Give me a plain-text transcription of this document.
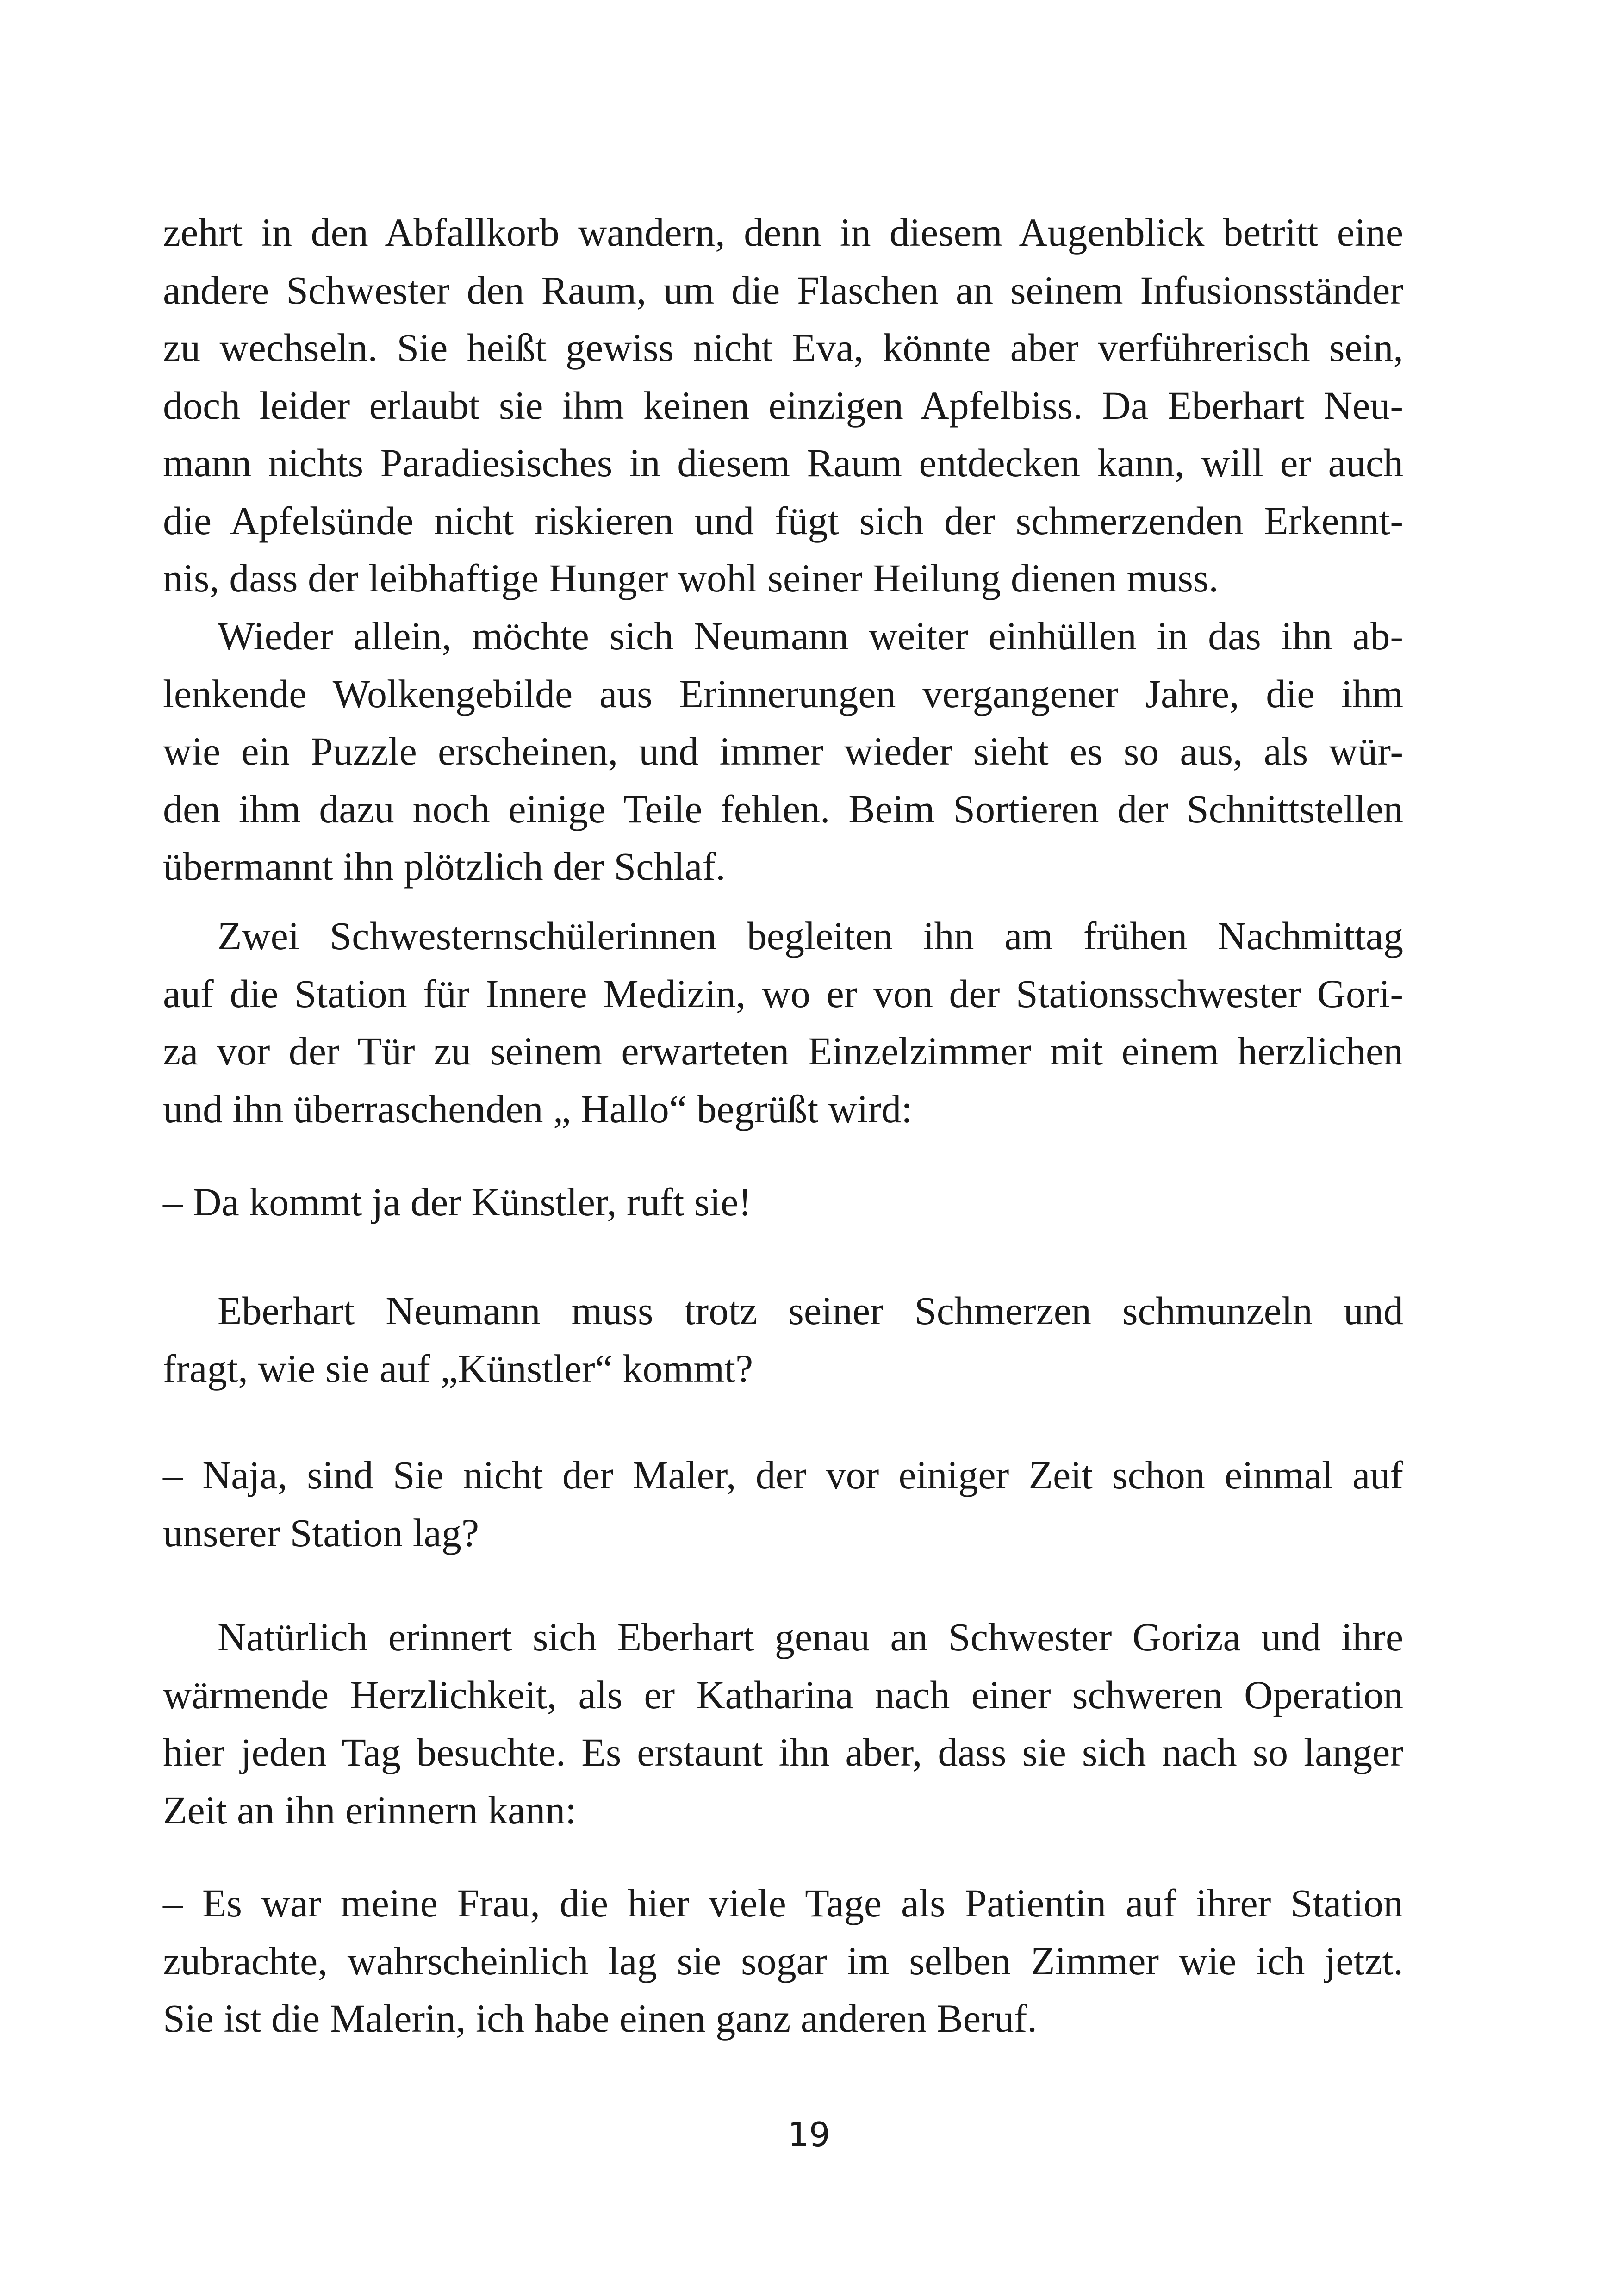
zehrt in den Abfallkorb wandern, denn in diesem Augenblick betritt eine
andere Schwester den Raum, um die Flaschen an seinem Infusionsständer
zu wechseln. Sie heißt gewiss nicht Eva, könnte aber verführerisch sein,
doch leider erlaubt sie ihm keinen einzigen Apfelbiss. Da Eberhart Neu-
mann nichts Paradiesisches in diesem Raum entdecken kann, will er auch
die Apfelsünde nicht riskieren und fügt sich der schmerzenden Erkennt-
nis, dass der leibhaftige Hunger wohl seiner Heilung dienen muss.
Wieder allein, möchte sich Neumann weiter einhüllen in das ihn ab-
lenkende Wolkengebilde aus Erinnerungen vergangener Jahre, die ihm
wie ein Puzzle erscheinen, und immer wieder sieht es so aus, als wür-
den ihm dazu noch einige Teile fehlen. Beim Sortieren der Schnittstellen
übermannt ihn plötzlich der Schlaf.
Zwei Schwesternschülerinnen begleiten ihn am frühen Nachmittag
auf die Station für Innere Medizin, wo er von der Stationsschwester Gori-
za vor der Tür zu seinem erwarteten Einzelzimmer mit einem herzlichen
und ihn überraschenden „ Hallo“ begrüßt wird:
– Da kommt ja der Künstler, ruft sie!
Eberhart Neumann muss trotz seiner Schmerzen schmunzeln und
fragt, wie sie auf „Künstler“ kommt?
– Naja, sind Sie nicht der Maler, der vor einiger Zeit schon einmal auf
unserer Station lag?
Natürlich erinnert sich Eberhart genau an Schwester Goriza und ihre
wärmende Herzlichkeit, als er Katharina nach einer schweren Operation
hier jeden Tag besuchte. Es erstaunt ihn aber, dass sie sich nach so langer
Zeit an ihn erinnern kann:
– Es war meine Frau, die hier viele Tage als Patientin auf ihrer Station
zubrachte, wahrscheinlich lag sie sogar im selben Zimmer wie ich jetzt.
Sie ist die Malerin, ich habe einen ganz anderen Beruf.
19
